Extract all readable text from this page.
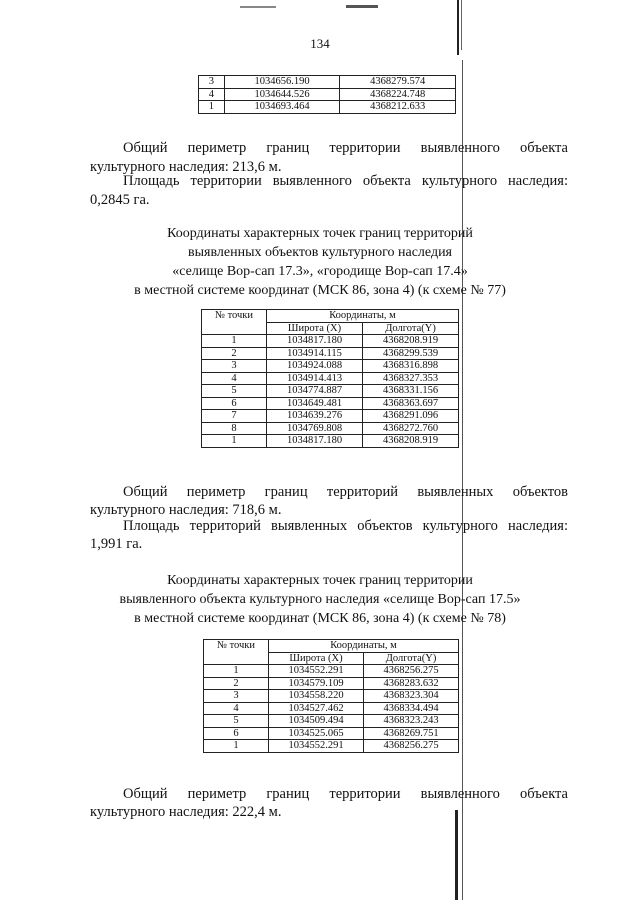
134
3	1034656.190	4368279.574
4	1034644.526	4368224.748
1	1034693.464	4368212.633
Общий периметр границ территории выявленного объекта
культурного наследия: 213,6 м.
Площадь территории выявленного объекта культурного наследия:
0,2845 га.
Координаты характерных точек границ территорий
выявленных объектов культурного наследия
«селище Вор-сап 17.3», «городище Вор-сап 17.4»
в местной системе координат (МСК 86, зона 4) (к схеме № 77)
№ точки	Координаты, м	
	Широта (X)	Долгота(Y)
1	1034817.180	4368208.919
2	1034914.115	4368299.539
3	1034924.088	4368316.898
4	1034914.413	4368327.353
5	1034774.887	4368331.156
6	1034649.481	4368363.697
7	1034639.276	4368291.096
8	1034769.808	4368272.760
1	1034817.180	4368208.919
Общий периметр границ территорий выявленных объектов
культурного наследия: 718,6 м.
Площадь территорий выявленных объектов культурного наследия:
1,991 га.
Координаты характерных точек границ территории
выявленного объекта культурного наследия «селище Вор-сап 17.5»
в местной системе координат (МСК 86, зона 4) (к схеме № 78)
№ точки	Координаты, м	
	Широта (X)	Долгота(Y)
1	1034552.291	4368256.275
2	1034579.109	4368283.632
3	1034558.220	4368323.304
4	1034527.462	4368334.494
5	1034509.494	4368323.243
6	1034525.065	4368269.751
1	1034552.291	4368256.275
Общий периметр границ территории выявленного объекта
культурного наследия: 222,4 м.
